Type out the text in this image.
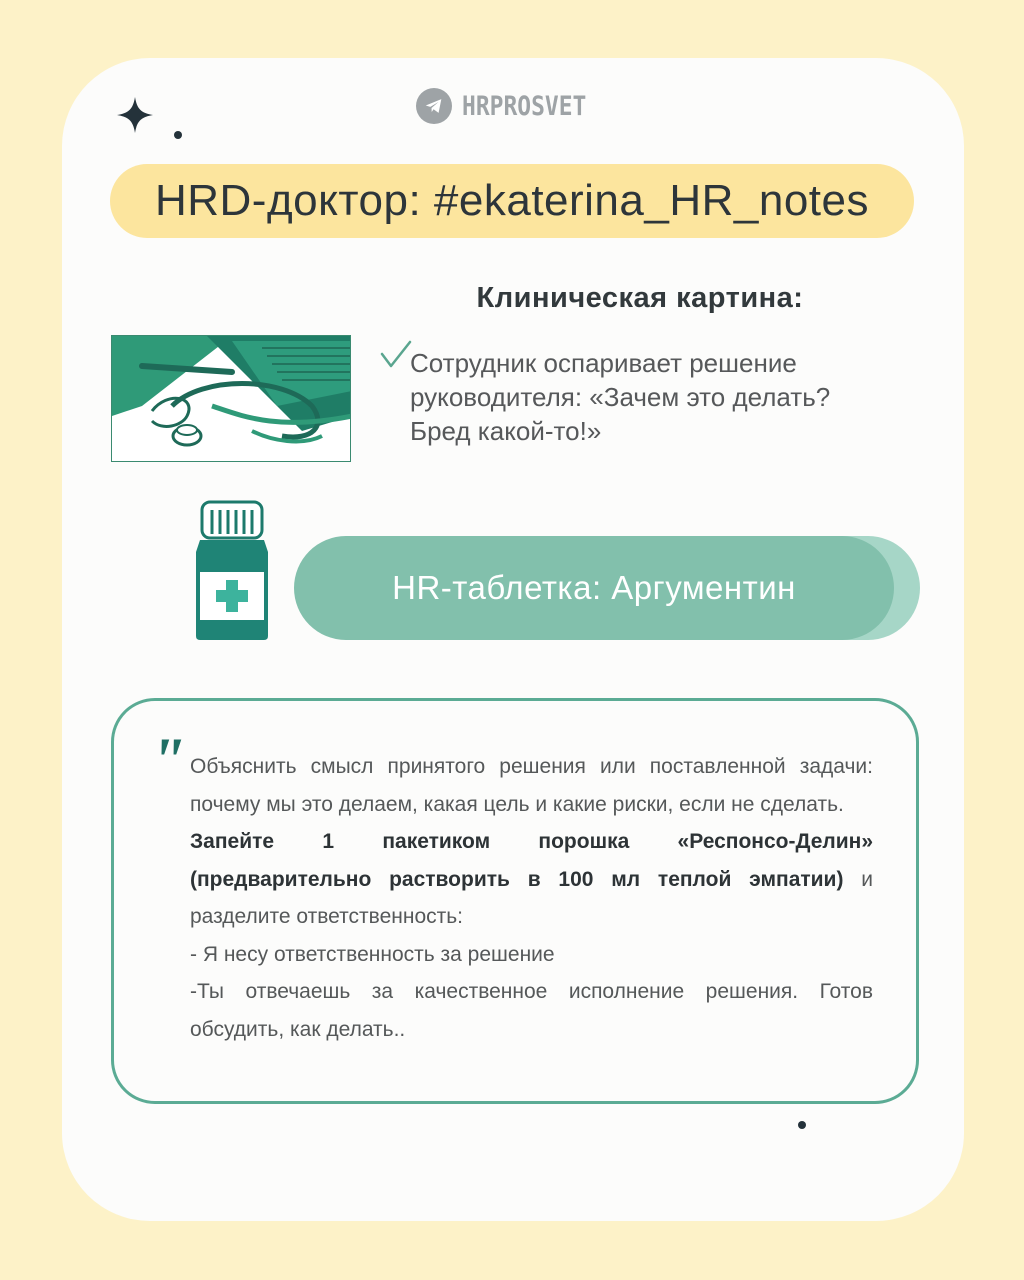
HRPROSVET
HRD-доктор: #ekaterina_HR_notes
Клиническая картина:
Сотрудник оспаривает решение руководителя: «Зачем это делать? Бред какой-то!»
HR-таблетка: Аргументин
" Объяснить смысл принятого решения или поставленной задачи: почему мы это делаем, какая цель и какие риски, если не сделать.

Запейте 1 пакетиком порошка «Респонсо-Делин» (предварительно растворить в 100 мл теплой эмпатии) и разделите ответственность:

- Я несу ответственность за решение

-Ты отвечаешь за качественное исполнение решения. Готов обсудить, как делать..
